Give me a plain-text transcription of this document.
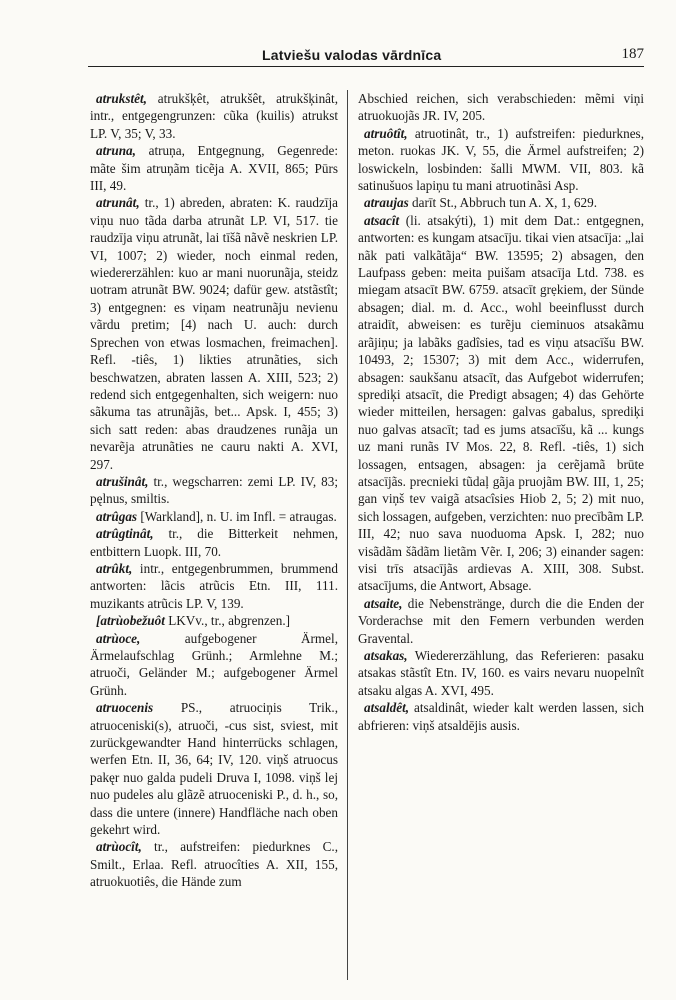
Latviešu valodas vārdnīca	187

atrukstêt, atrukšķêt, atrukšêt, atrukšķinât, intr., entgegengrunzen: cũka (kuilis) atrukst LP. V, 35; V, 33.

atruna, atruņa, Entgegnung, Gegenrede: mãte šim atruņãm ticẽja A. XVII, 865; Pūrs III, 49.

atrunât, tr., 1) abreden, abraten: K. raudzīja viņu nuo tãda darba atrunãt LP. VI, 517. tie raudzīja viņu atrunãt, lai tīšã nãvẽ neskrien LP. VI, 1007; 2) wieder, noch einmal reden, wiedererzählen: kuo ar mani nuorunãja, steidz uotram atrunãt BW. 9024; dafür gew. atstãstît; 3) entgegnen: es viņam neatrunãju nevienu vãrdu pretim; [4) nach U. auch: durch Sprechen von etwas losmachen, freimachen]. Refl. -tiês, 1) likties atrunãties, sich beschwatzen, abraten lassen A. XIII, 523; 2) redend sich entgegenhalten, sich weigern: nuo sãkuma tas atrunãjãs, bet... Apsk. I, 455; 3) sich satt reden: abas draudzenes runãja un nevarẽja atrunãties ne cauru nakti A. XVI, 297.

atrušinât, tr., wegscharren: zemi LP. IV, 83; pęlnus, smiltis.

atrûgas [Warkland], n. U. im Infl. = atraugas.

atrûgtinât, tr., die Bitterkeit nehmen, entbittern Luopk. III, 70.

atrûkt, intr., entgegenbrummen, brummend antworten: lãcis atrũcis Etn. III, 111. muzikants atrũcis LP. V, 139.

[atrùobežuôt LKVv., tr., abgrenzen.]

atrùoce, aufgebogener Ärmel, Ärmelaufschlag Grünh.; Armlehne M.; atruoči, Geländer M.; aufgebogener Ärmel Grünh.

atruocenis PS., atruociņis Trik., atruoceniski(s), atruoči, -cus sist, sviest, mit zurückgewandter Hand hinterrücks schlagen, werfen Etn. II, 36, 64; IV, 120. viņš atruocus pakęr nuo galda pudeli Druva I, 1098. viņš lej nuo pudeles alu glãzẽ atruoceniski P., d. h., so, dass die untere (innere) Handfläche nach oben gekehrt wird.

atrùocît, tr., aufstreifen: piedurknes C., Smilt., Erlaa. Refl. atruocîties A. XII, 155, atruokuotiês, die Hände zum

Abschied reichen, sich verabschieden: mẽmi viņi atruokuojãs JR. IV, 205.

atruôtît, atruotinât, tr., 1) aufstreifen: piedurknes, meton. ruokas JK. V, 55, die Ärmel aufstreifen; 2) loswickeln, losbinden: šalli MWM. VII, 803. kã satinušuos lapiņu tu mani atruotinãsi Asp.

atraujas darīt St., Abbruch tun A. X, 1, 629.

atsacît (li. atsakýti), 1) mit dem Dat.: entgegnen, antworten: es kungam atsacīju. tikai vien atsacīja: „lai nãk pati valkãtãja“ BW. 13595; 2) absagen, den Laufpass geben: meita puišam atsacīja Ltd. 738. es miegam atsacīt BW. 6759. atsacīt grẹkiem, der Sünde absagen; dial. m. d. Acc., wohl beeinflusst durch atraidīt, abweisen: es turẽju cieminuos atsakãmu arãjiņu; ja labãks gadîsies, tad es viņu atsacīšu BW. 10493, 2; 15307; 3) mit dem Acc., widerrufen, absagen: saukšanu atsacīt, das Aufgebot widerrufen; sprediķi atsacīt, die Predigt absagen; 4) das Gehörte wieder mitteilen, hersagen: galvas gabalus, sprediķi nuo galvas atsacīt; tad es jums atsacīšu, kã ... kungs uz mani runãs IV Mos. 22, 8. Refl. -tiês, 1) sich lossagen, entsagen, absagen: ja cerẽjamã brūte atsacījãs. precnieki tũdaļ gãja pruojãm BW. III, 1, 25; gan viņš tev vaigã atsacîsies Hiob 2, 5; 2) mit nuo, sich lossagen, aufgeben, verzichten: nuo precībãm LP. III, 42; nuo sava nuoduoma Apsk. I, 282; nuo visãdãm šãdãm lietãm Vẽr. I, 206; 3) einander sagen: visi trīs atsacījãs ardievas A. XIII, 308. Subst. atsacījums, die Antwort, Absage.

atsaite, die Nebenstränge, durch die die Enden der Vorderachse mit den Femern verbunden werden Gravental.

atsakas, Wiedererzählung, das Referieren: pasaku atsakas stãstît Etn. IV, 160. es vairs nevaru nuopelnît atsaku algas A. XVI, 495.

atsaldêt, atsaldinât, wieder kalt werden lassen, sich abfrieren: viņš atsaldējis ausis.
